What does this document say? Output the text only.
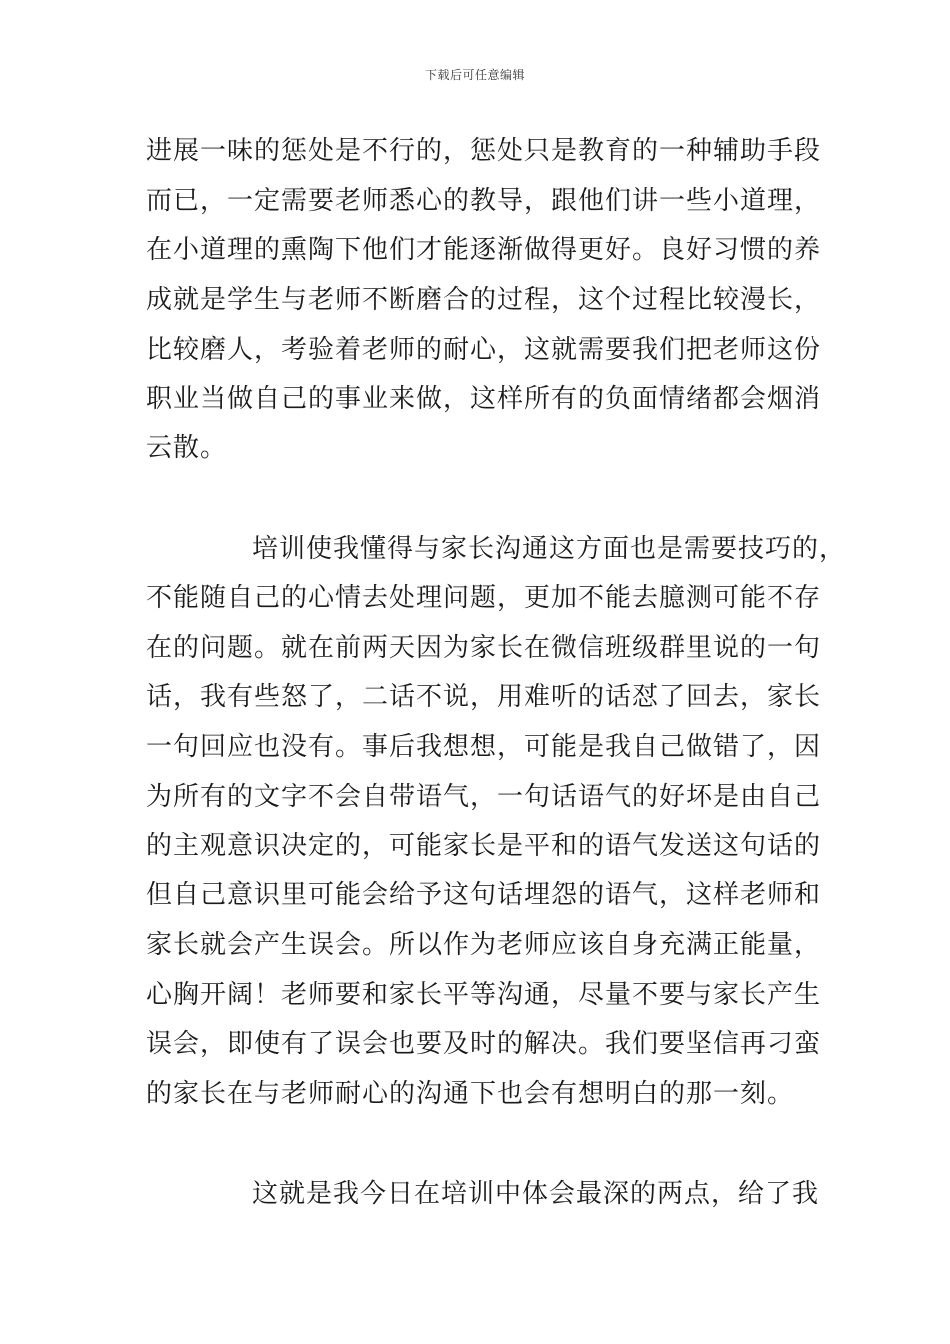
下载后可任意编辑
进展一味的惩处是不行的，惩处只是教育的一种辅助手段
而已，一定需要老师悉心的教导，跟他们讲一些小道理，
在小道理的熏陶下他们才能逐渐做得更好。良好习惯的养
成就是学生与老师不断磨合的过程，这个过程比较漫长，
比较磨人，考验着老师的耐心，这就需要我们把老师这份
职业当做自己的事业来做，这样所有的负面情绪都会烟消
云散。
培训使我懂得与家长沟通这方面也是需要技巧的，
不能随自己的心情去处理问题，更加不能去臆测可能不存
在的问题。就在前两天因为家长在微信班级群里说的一句
话，我有些怒了，二话不说，用难听的话怼了回去，家长
一句回应也没有。事后我想想，可能是我自己做错了，因
为所有的文字不会自带语气，一句话语气的好坏是由自己
的主观意识决定的，可能家长是平和的语气发送这句话的
但自己意识里可能会给予这句话埋怨的语气，这样老师和
家长就会产生误会。所以作为老师应该自身充满正能量，
心胸开阔！老师要和家长平等沟通，尽量不要与家长产生
误会，即使有了误会也要及时的解决。我们要坚信再刁蛮
的家长在与老师耐心的沟通下也会有想明白的那一刻。
这就是我今日在培训中体会最深的两点，给了我
